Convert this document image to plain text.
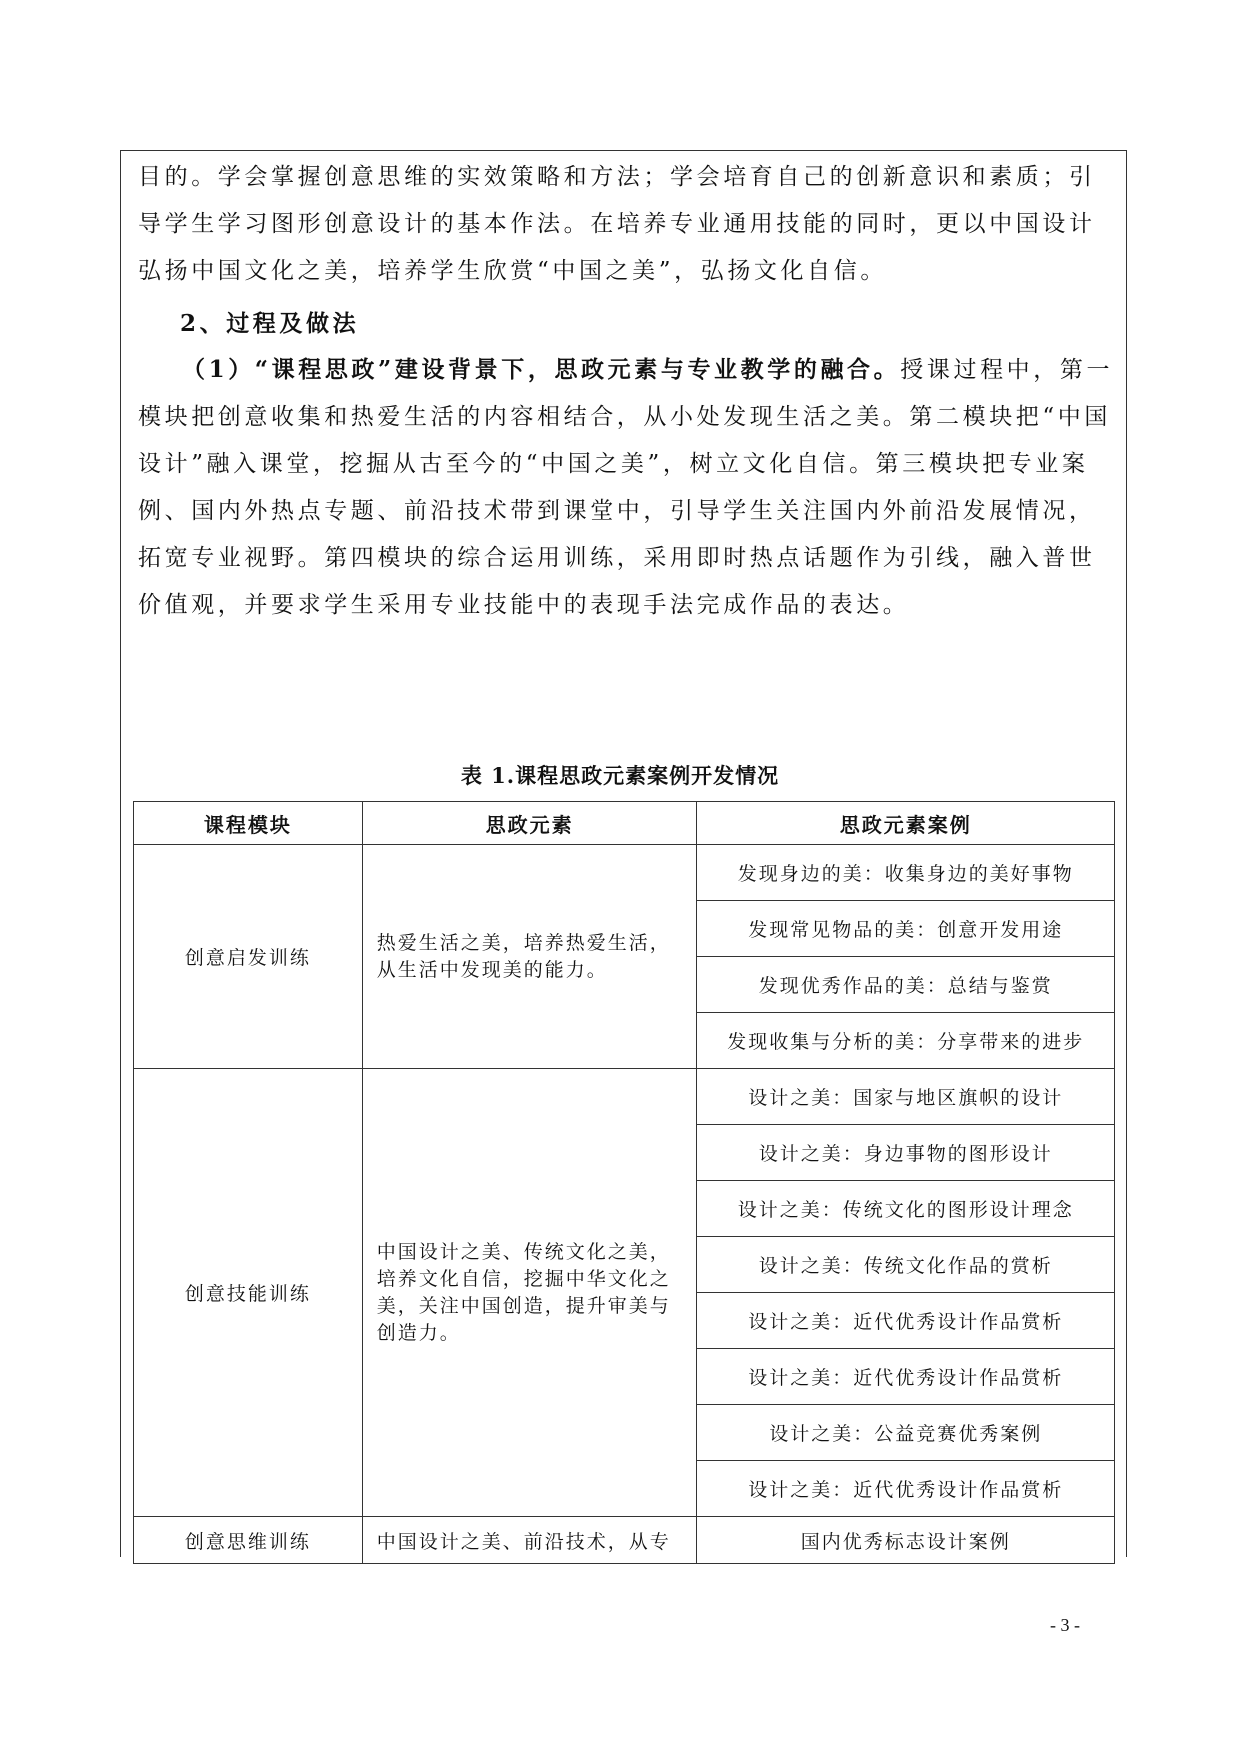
目的。学会掌握创意思维的实效策略和方法；学会培育自己的创新意识和素质；引导学生学习图形创意设计的基本作法。在培养专业通用技能的同时，更以中国设计弘扬中国文化之美，培养学生欣赏“中国之美”，弘扬文化自信。
2、过程及做法
（1）“课程思政”建设背景下，思政元素与专业教学的融合。授课过程中，第一模块把创意收集和热爱生活的内容相结合，从小处发现生活之美。第二模块把“中国设计”融入课堂，挖掘从古至今的“中国之美”，树立文化自信。第三模块把专业案例、国内外热点专题、前沿技术带到课堂中，引导学生关注国内外前沿发展情况，拓宽专业视野。第四模块的综合运用训练，采用即时热点话题作为引线，融入普世价值观，并要求学生采用专业技能中的表现手法完成作品的表达。
表 1.课程思政元素案例开发情况
课程模块	思政元素	思政元素案例
创意启发训练	热爱生活之美，培养热爱生活，从生活中发现美的能力。	发现身边的美：收集身边的美好事物
		发现常见物品的美：创意开发用途
		发现优秀作品的美：总结与鉴赏
		发现收集与分析的美：分享带来的进步
创意技能训练	中国设计之美、传统文化之美，培养文化自信，挖掘中华文化之美，关注中国创造，提升审美与创造力。	设计之美：国家与地区旗帜的设计
		设计之美：身边事物的图形设计
		设计之美：传统文化的图形设计理念
		设计之美：传统文化作品的赏析
		设计之美：近代优秀设计作品赏析
		设计之美：近代优秀设计作品赏析
		设计之美：公益竞赛优秀案例
		设计之美：近代优秀设计作品赏析
创意思维训练	中国设计之美、前沿技术，从专	国内优秀标志设计案例
- 3 -
